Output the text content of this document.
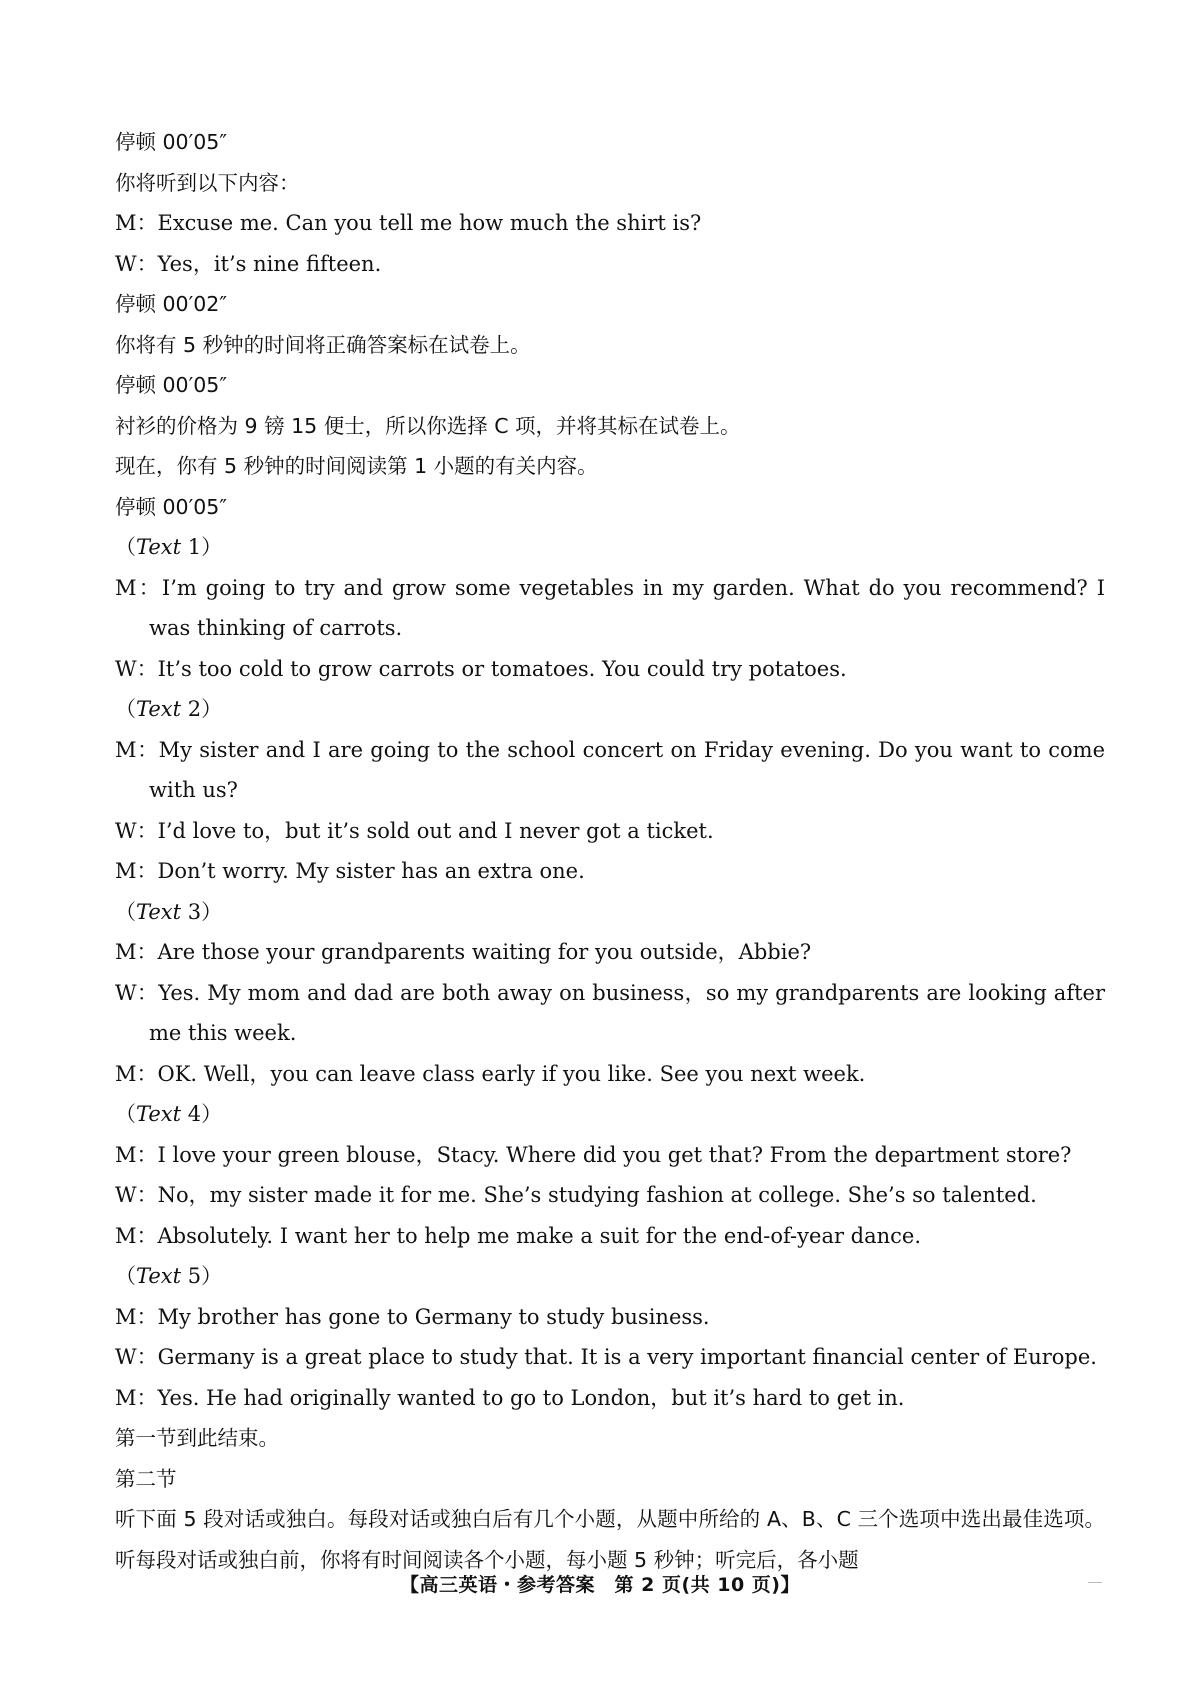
停顿 00′05″
你将听到以下内容：
M：Excuse me. Can you tell me how much the shirt is?
W：Yes，it’s nine fifteen.
停顿 00′02″
你将有 5 秒钟的时间将正确答案标在试卷上。
停顿 00′05″
衬衫的价格为 9 镑 15 便士，所以你选择 C 项，并将其标在试卷上。
现在，你有 5 秒钟的时间阅读第 1 小题的有关内容。
停顿 00′05″
（Text 1）
M：I’m going to try and grow some vegetables in my garden. What do you recommend? I was thinking of carrots.
W：It’s too cold to grow carrots or tomatoes. You could try potatoes.
（Text 2）
M：My sister and I are going to the school concert on Friday evening. Do you want to come with us?
W：I’d love to，but it’s sold out and I never got a ticket.
M：Don’t worry. My sister has an extra one.
（Text 3）
M：Are those your grandparents waiting for you outside，Abbie?
W：Yes. My mom and dad are both away on business，so my grandparents are looking after me this week.
M：OK. Well，you can leave class early if you like. See you next week.
（Text 4）
M：I love your green blouse，Stacy. Where did you get that? From the department store?
W：No，my sister made it for me. She’s studying fashion at college. She’s so talented.
M：Absolutely. I want her to help me make a suit for the end-of-year dance.
（Text 5）
M：My brother has gone to Germany to study business.
W：Germany is a great place to study that. It is a very important financial center of Europe.
M：Yes. He had originally wanted to go to London，but it’s hard to get in.
第一节到此结束。
第二节
听下面 5 段对话或独白。每段对话或独白后有几个小题，从题中所给的 A、B、C 三个选项中选出最佳选项。听每段对话或独白前，你将有时间阅读各个小题，每小题 5 秒钟；听完后，各小题
【高三英语・参考答案　第 2 页(共 10 页)】
